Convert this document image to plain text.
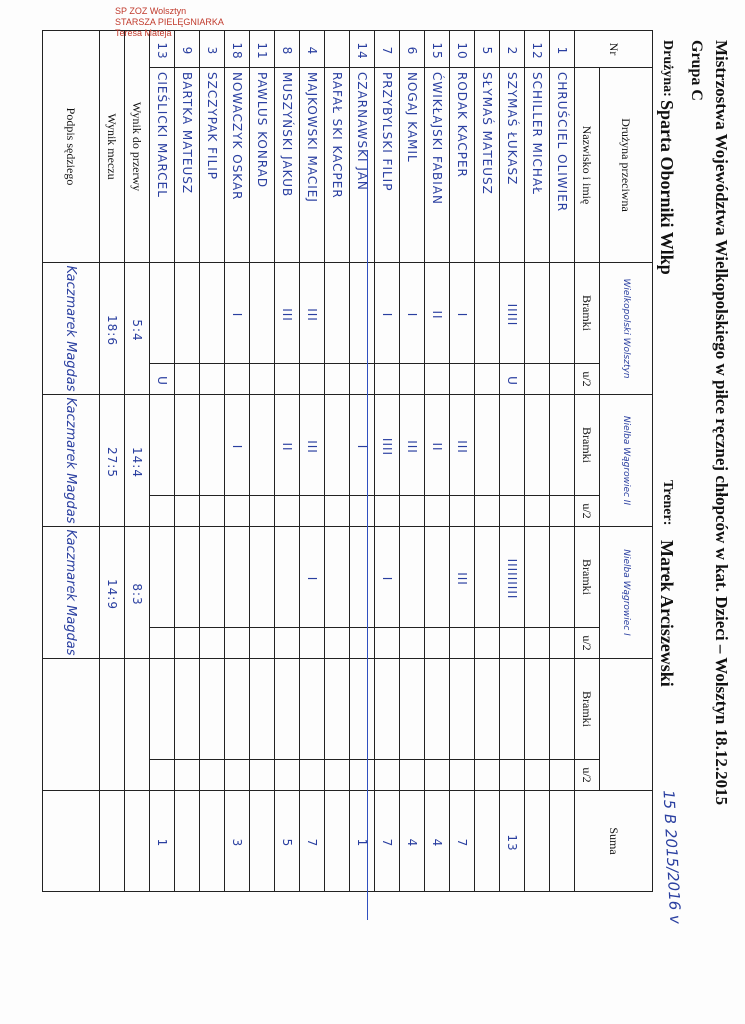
Mistrzostwa Województwa Wielkopolskiego w piłce ręcznej chłopców w kat. Dzieci – Wolsztyn 18.12.2015
Grupa C
Drużyna:
Sparta Oborniki Wlkp
Trener:
Marek Arciszewski
15 B 2015/2016 v
Nr	Drużyna przeciwna	Wielkopolski Wolsztyn		Nielba Wągrowiec II		Nielba Wągrowiec I				Suma
	Nazwisko i imię	Bramki	u/2	Bramki	u/2	Bramki	u/2	Bramki	u/2	
1	CHRUŚCIEL OLIWIER									
12	SCHILLER MICHAŁ									
2	SZYMAŚ ŁUKASZ	IIIII	U			IIIIIIIII				13
5	SŁYMAŚ MATEUSZ									
10	RODAK KACPER	I		III		III				7
15	ĆWIKŁAJSKI FABIAN	II		II						4
6	NOGAJ KAMIL	I		III						4
7	PRZYBYLSKI FILIP	I		IIII		I				7
14	CZARNAWSKI JAN			I						1
	RAFAŁ SKI KACPER									
4	MAJKOWSKI MACIEJ	III		III		I				7
8	MUSZYŃSKI JAKUB	III		II						5
11	PAWLUS KONRAD									
18	NOWACZYK OSKAR	I		I						3
3	SZCZYPAK FILIP									
9	BARTKA MATEUSZ									
13	CIEŚLICKI MARCEL		U							1
Wynik do przerwy		5:4		14:4		8:3				
Wynik meczu		18:6		27:5		14:9				
Podpis sędziego		Kaczmarek Magdas		Kaczmarek Magdas		Kaczmarek Magdas				
SP ZOZ Wolsztyn
STARSZA PIELĘGNIARKA
Teresa Mateja
